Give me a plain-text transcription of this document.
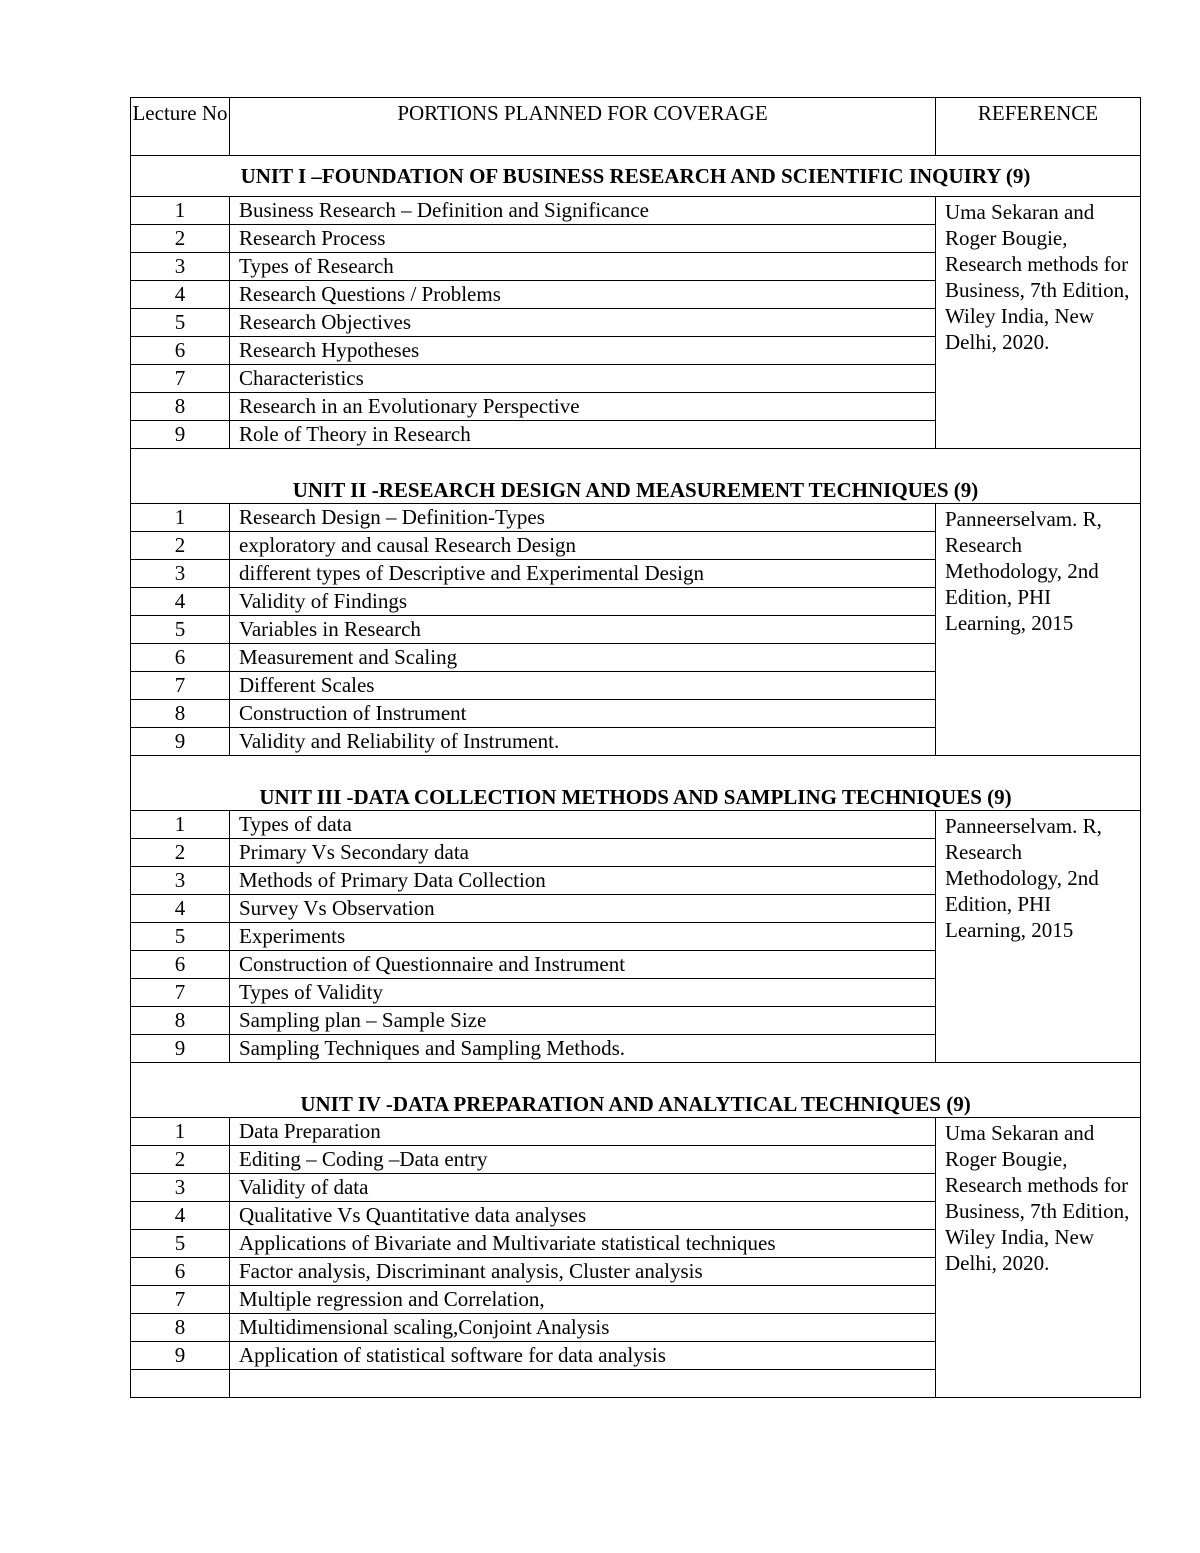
Lecture No	PORTIONS PLANNED FOR COVERAGE	REFERENCE
UNIT I –FOUNDATION OF BUSINESS RESEARCH AND SCIENTIFIC INQUIRY (9)		
1	Business Research – Definition and Significance	Uma Sekaran and Roger Bougie, Research methods for Business, 7th Edition, Wiley India, New Delhi, 2020.
2	Research Process	
3	Types of Research	
4	Research Questions / Problems	
5	Research Objectives	
6	Research Hypotheses	
7	Characteristics	
8	Research in an Evolutionary Perspective	
9	Role of Theory in Research	
UNIT II -RESEARCH DESIGN AND MEASUREMENT TECHNIQUES (9)		
1	Research Design – Definition-Types	Panneerselvam. R, Research Methodology, 2nd Edition, PHI Learning, 2015
2	exploratory and causal Research Design	
3	different types of Descriptive and Experimental Design	
4	Validity of Findings	
5	Variables in Research	
6	Measurement and Scaling	
7	Different Scales	
8	Construction of Instrument	
9	Validity and Reliability of Instrument.	
UNIT III -DATA COLLECTION METHODS AND SAMPLING TECHNIQUES (9)		
1	Types of data	Panneerselvam. R, Research Methodology, 2nd Edition, PHI Learning, 2015
2	Primary Vs Secondary data	
3	Methods of Primary Data Collection	
4	Survey Vs Observation	
5	Experiments	
6	Construction of Questionnaire and Instrument	
7	Types of Validity	
8	Sampling plan – Sample Size	
9	Sampling Techniques and Sampling Methods.	
UNIT IV -DATA PREPARATION AND ANALYTICAL TECHNIQUES (9)		
1	Data Preparation	Uma Sekaran and Roger Bougie, Research methods for Business, 7th Edition, Wiley India, New Delhi, 2020.
2	Editing – Coding –Data entry	
3	Validity of data	
4	Qualitative Vs Quantitative data analyses	
5	Applications of Bivariate and Multivariate statistical techniques	
6	Factor analysis, Discriminant analysis, Cluster analysis	
7	Multiple regression and Correlation,	
8	Multidimensional scaling,Conjoint Analysis	
9	Application of statistical software for data analysis	
